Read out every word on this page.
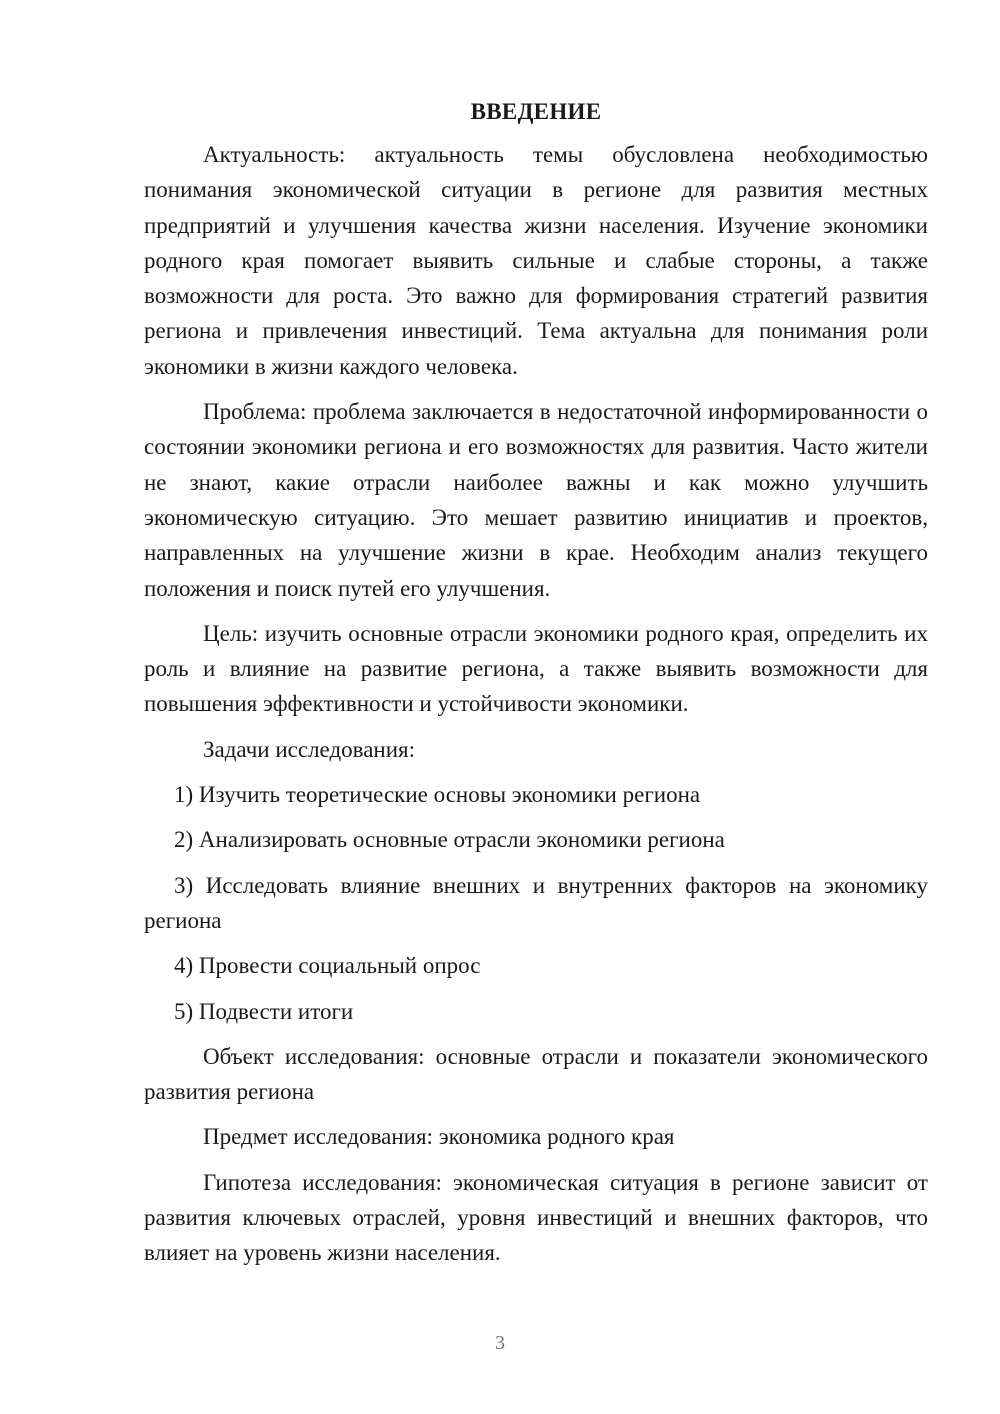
ВВЕДЕНИЕ

Актуальность: актуальность темы обусловлена необходимостью понимания экономической ситуации в регионе для развития местных предприятий и улучшения качества жизни населения. Изучение экономики родного края помогает выявить сильные и слабые стороны, а также возможности для роста. Это важно для формирования стратегий развития региона и привлечения инвестиций. Тема актуальна для понимания роли экономики в жизни каждого человека.

Проблема: проблема заключается в недостаточной информированности о состоянии экономики региона и его возможностях для развития. Часто жители не знают, какие отрасли наиболее важны и как можно улучшить экономическую ситуацию. Это мешает развитию инициатив и проектов, направленных на улучшение жизни в крае. Необходим анализ текущего положения и поиск путей его улучшения.

Цель: изучить основные отрасли экономики родного края, определить их роль и влияние на развитие региона, а также выявить возможности для повышения эффективности и устойчивости экономики.

Задачи исследования:

1) Изучить теоретические основы экономики региона

2) Анализировать основные отрасли экономики региона

3) Исследовать влияние внешних и внутренних факторов на экономику региона

4) Провести социальный опрос

5) Подвести итоги

Объект исследования: основные отрасли и показатели экономического развития региона

Предмет исследования: экономика родного края

Гипотеза исследования: экономическая ситуация в регионе зависит от развития ключевых отраслей, уровня инвестиций и внешних факторов, что влияет на уровень жизни населения.

3
